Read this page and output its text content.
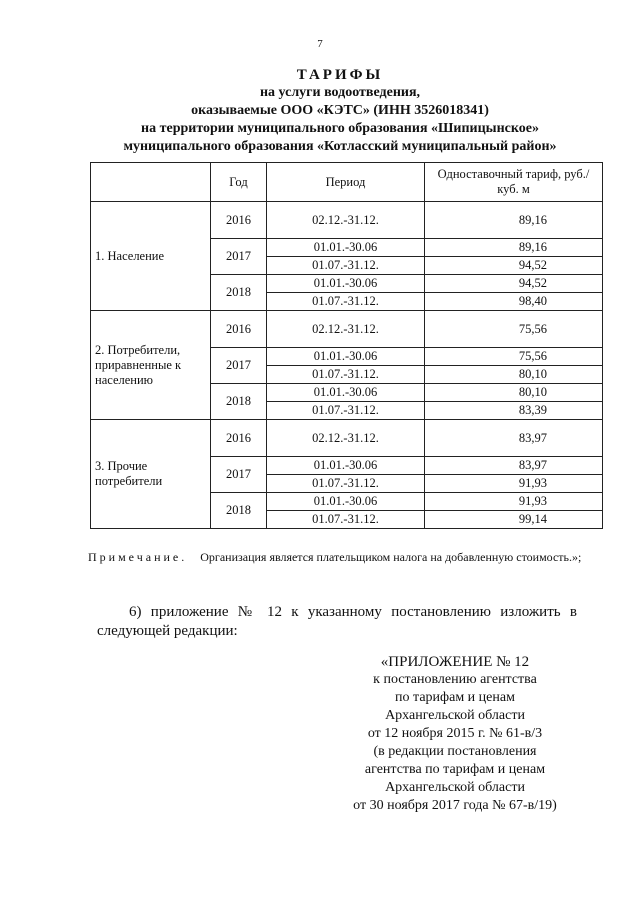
7
ТАРИФЫ
на услуги водоотведения,
оказываемые ООО «КЭТС» (ИНН 3526018341)
на территории муниципального образования «Шипицынское»
муниципального образования «Котласский муниципальный район»
	Год	Период	Одноставочный тариф, руб./куб. м
1. Население	2016	02.12.-31.12.	89,16
	2017	01.01.-30.06	89,16
		01.07.-31.12.	94,52
	2018	01.01.-30.06	94,52
		01.07.-31.12.	98,40
2. Потребители, приравненные к населению	2016	02.12.-31.12.	75,56
	2017	01.01.-30.06	75,56
		01.07.-31.12.	80,10
	2018	01.01.-30.06	80,10
		01.07.-31.12.	83,39
3. Прочие потребители	2016	02.12.-31.12.	83,97
	2017	01.01.-30.06	83,97
		01.07.-31.12.	91,93
	2018	01.01.-30.06	91,93
		01.07.-31.12.	99,14
Примечание. Организация является плательщиком налога на добавленную стоимость.»;
6) приложение № 12 к указанному постановлению изложить в следующей редакции:
«ПРИЛОЖЕНИЕ № 12
к постановлению агентства
по тарифам и ценам
Архангельской области
от 12 ноября 2015 г. № 61-в/3
(в редакции постановления
агентства по тарифам и ценам
Архангельской области
от 30 ноября 2017 года № 67-в/19)
